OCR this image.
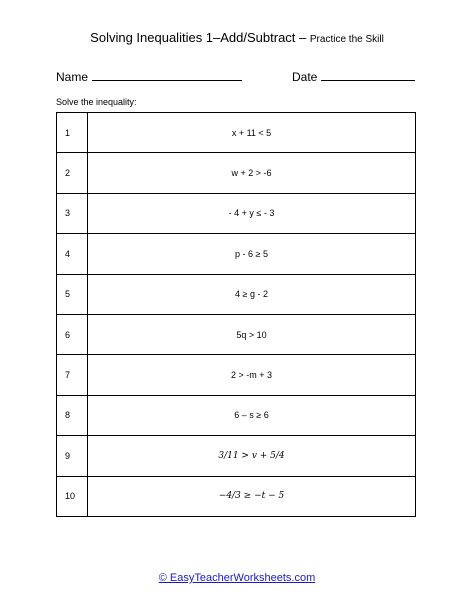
Solving Inequalities 1–Add/Subtract – Practice the Skill
Name	Date
Solve the inequality:
1	x + 11 < 5
2	w + 2 > -6
3	- 4 + y ≤ - 3
4	p - 6 ≥ 5
5	4 ≥ g - 2
6	5q > 10
7	2 > -m + 3
8	6 – s ≥ 6
9	3/11 > v + 5/4
10	−4/3 ≥ −t − 5
© EasyTeacherWorksheets.com
